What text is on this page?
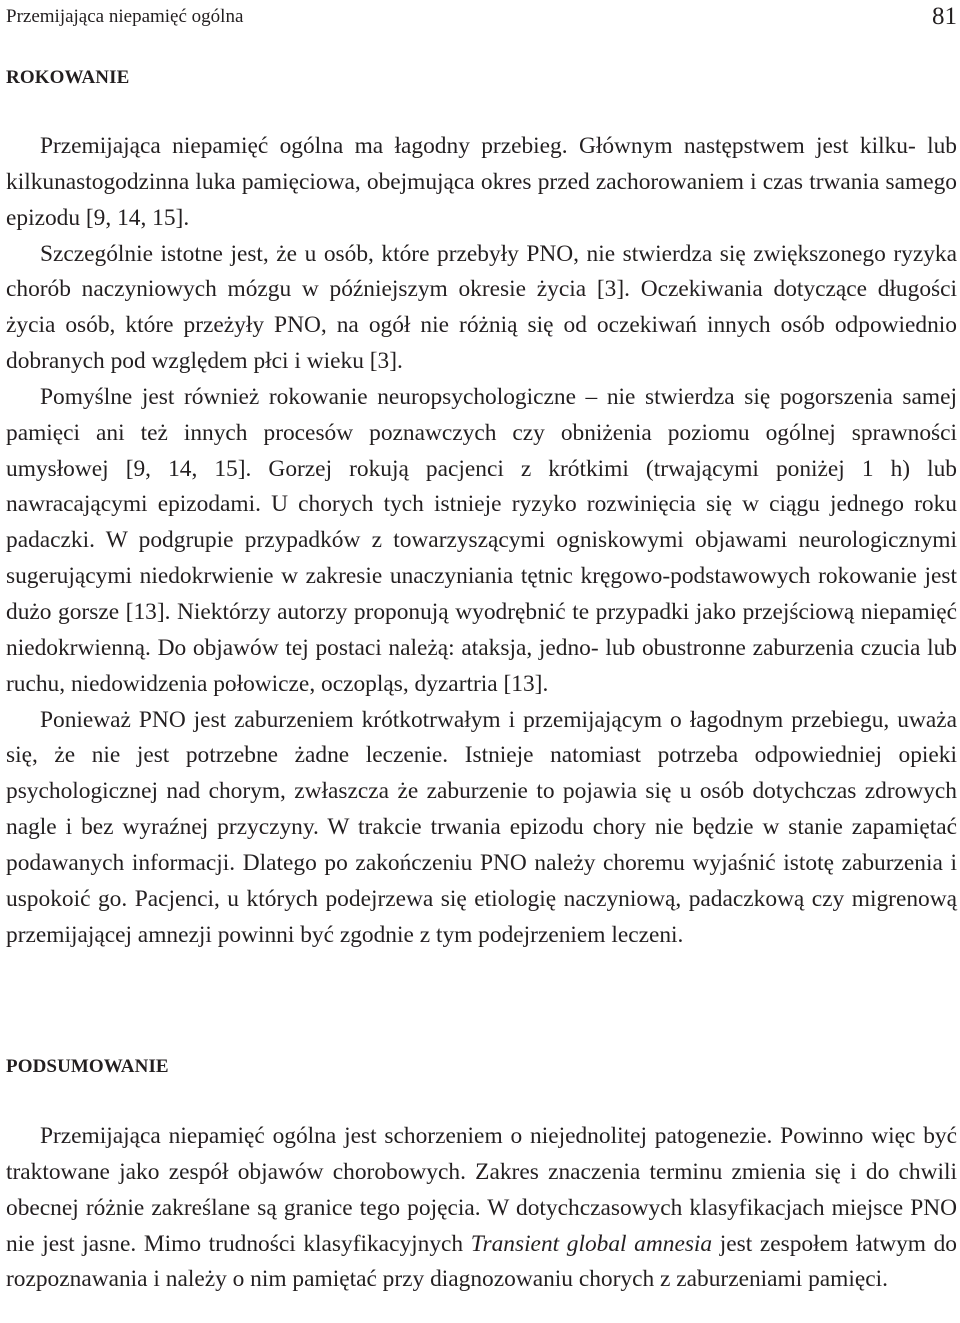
Przemijająca niepamięć ogólna	81
ROKOWANIE

Przemijająca niepamięć ogólna ma łagodny przebieg. Głównym następstwem jest kilku- lub kilkunastogodzinna luka pamięciowa, obejmująca okres przed zachorowaniem i czas trwania samego epizodu [9, 14, 15].

Szczególnie istotne jest, że u osób, które przebyły PNO, nie stwierdza się zwiększonego ryzyka chorób naczyniowych mózgu w późniejszym okresie życia [3]. Oczekiwania dotyczące długości życia osób, które przeżyły PNO, na ogół nie różnią się od oczekiwań innych osób odpowiednio dobranych pod względem płci i wieku [3].

Pomyślne jest również rokowanie neuropsychologiczne – nie stwierdza się pogorszenia samej pamięci ani też innych procesów poznawczych czy obniżenia poziomu ogólnej sprawności umysłowej [9, 14, 15]. Gorzej rokują pacjenci z krótkimi (trwającymi poniżej 1 h) lub nawracającymi epizodami. U chorych tych istnieje ryzyko rozwinięcia się w ciągu jednego roku padaczki. W podgrupie przypadków z towarzyszącymi ogniskowymi objawami neurologicznymi sugerującymi niedokrwienie w zakresie unaczyniania tętnic kręgowo-podstawowych rokowanie jest dużo gorsze [13]. Niektórzy autorzy proponują wyodrębnić te przypadki jako przejściową niepamięć niedokrwienną. Do objawów tej postaci należą: ataksja, jedno- lub obustronne zaburzenia czucia lub ruchu, niedowidzenia połowicze, oczopląs, dyzartria [13].

Ponieważ PNO jest zaburzeniem krótkotrwałym i przemijającym o łagodnym przebiegu, uważa się, że nie jest potrzebne żadne leczenie. Istnieje natomiast potrzeba odpowiedniej opieki psychologicznej nad chorym, zwłaszcza że zaburzenie to pojawia się u osób dotychczas zdrowych nagle i bez wyraźnej przyczyny. W trakcie trwania epizodu chory nie będzie w stanie zapamiętać podawanych informacji. Dlatego po zakończeniu PNO należy choremu wyjaśnić istotę zaburzenia i uspokoić go. Pacjenci, u których podejrzewa się etiologię naczyniową, padaczkową czy migrenową przemijającej amnezji powinni być zgodnie z tym podejrzeniem leczeni.

PODSUMOWANIE

Przemijająca niepamięć ogólna jest schorzeniem o niejednolitej patogenezie. Powinno więc być traktowane jako zespół objawów chorobowych. Zakres znaczenia terminu zmienia się i do chwili obecnej różnie zakreślane są granice tego pojęcia. W dotychczasowych klasyfikacjach miejsce PNO nie jest jasne. Mimo trudności klasyfikacyjnych Transient global amnesia jest zespołem łatwym do rozpoznawania i należy o nim pamiętać przy diagnozowaniu chorych z zaburzeniami pamięci.
